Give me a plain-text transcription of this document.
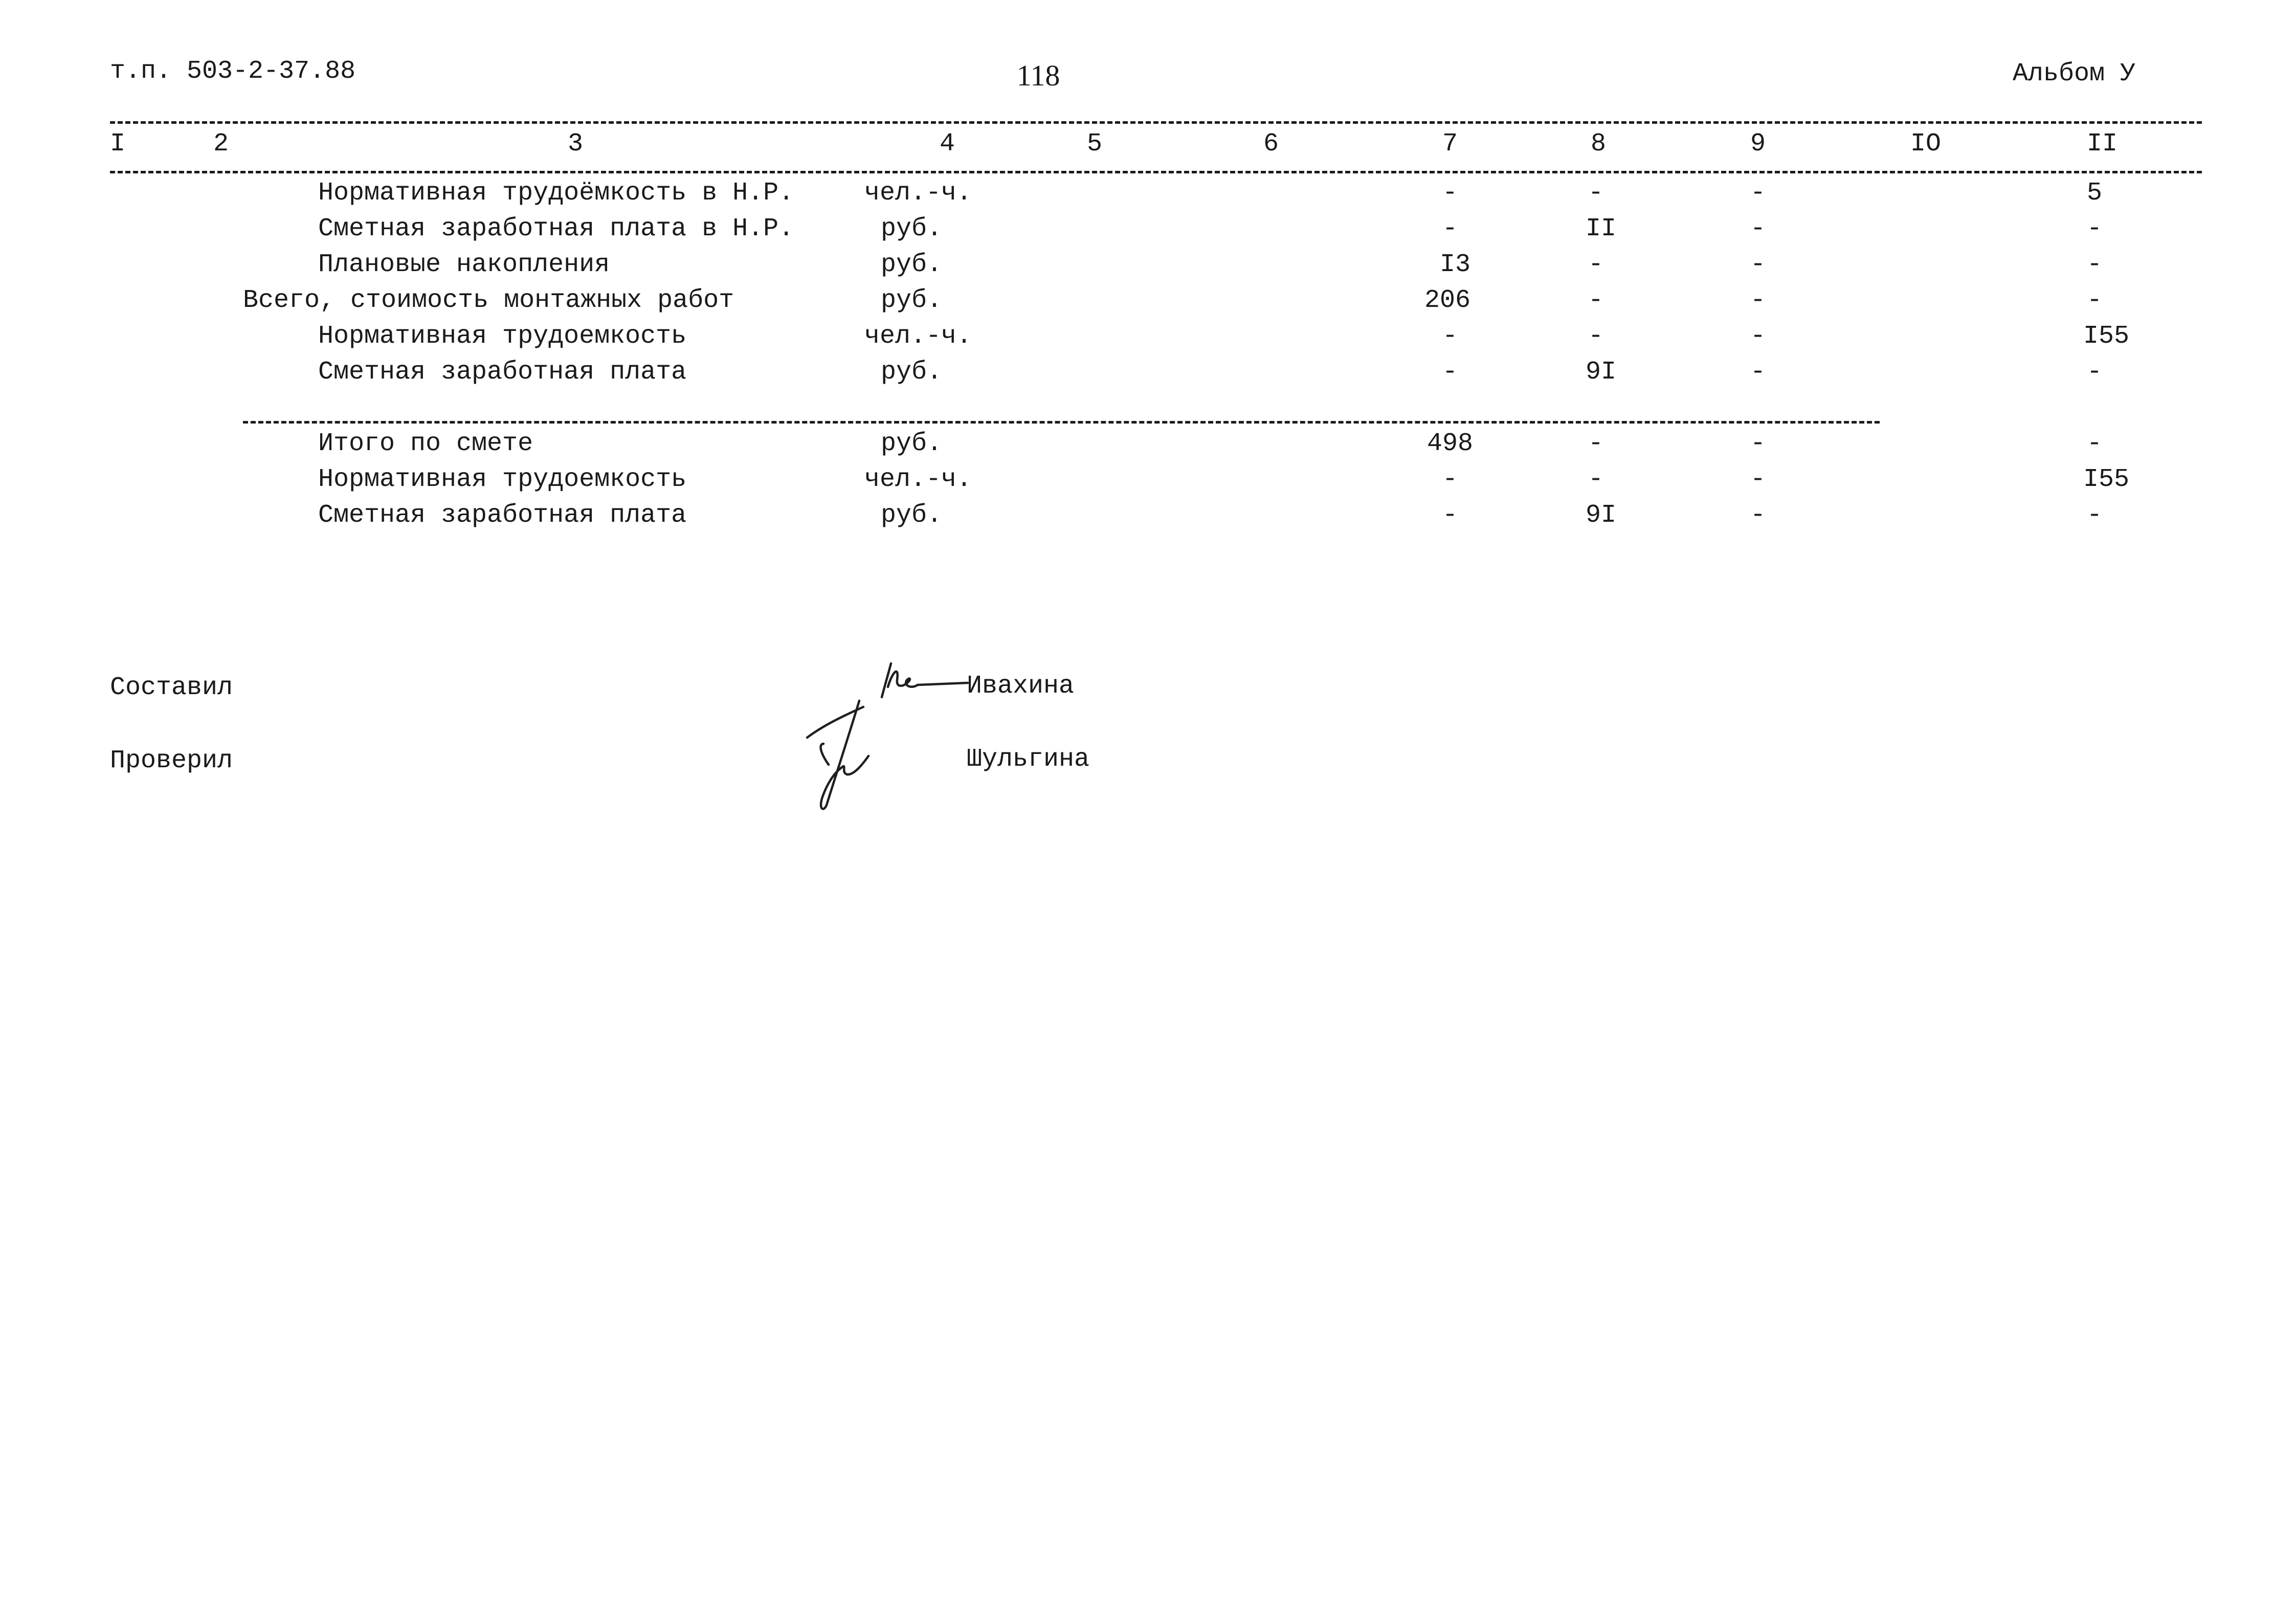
т.п. 503-2-37.88	118	Альбом У
I	2	3	4	5	6	7	8	9	IO	II
Нормативная трудоёмкость в Н.Р.	чел.-ч.	-	-	-	5
Сметная заработная плата в Н.Р.	руб.	-	II	-	-
Плановые накопления	руб.	I3	-	-	-
Всего, стоимость монтажных работ	руб.	206	-	-	-
Нормативная трудоемкость	чел.-ч.	-	-	-	I55
Сметная заработная плата	руб.	-	9I	-	-
Итого по смете	руб.	498	-	-	-
Нормативная трудоемкость	чел.-ч.	-	-	-	I55
Сметная заработная плата	руб.	-	9I	-	-
Составил	Ивахина
Проверил	Шульгина
